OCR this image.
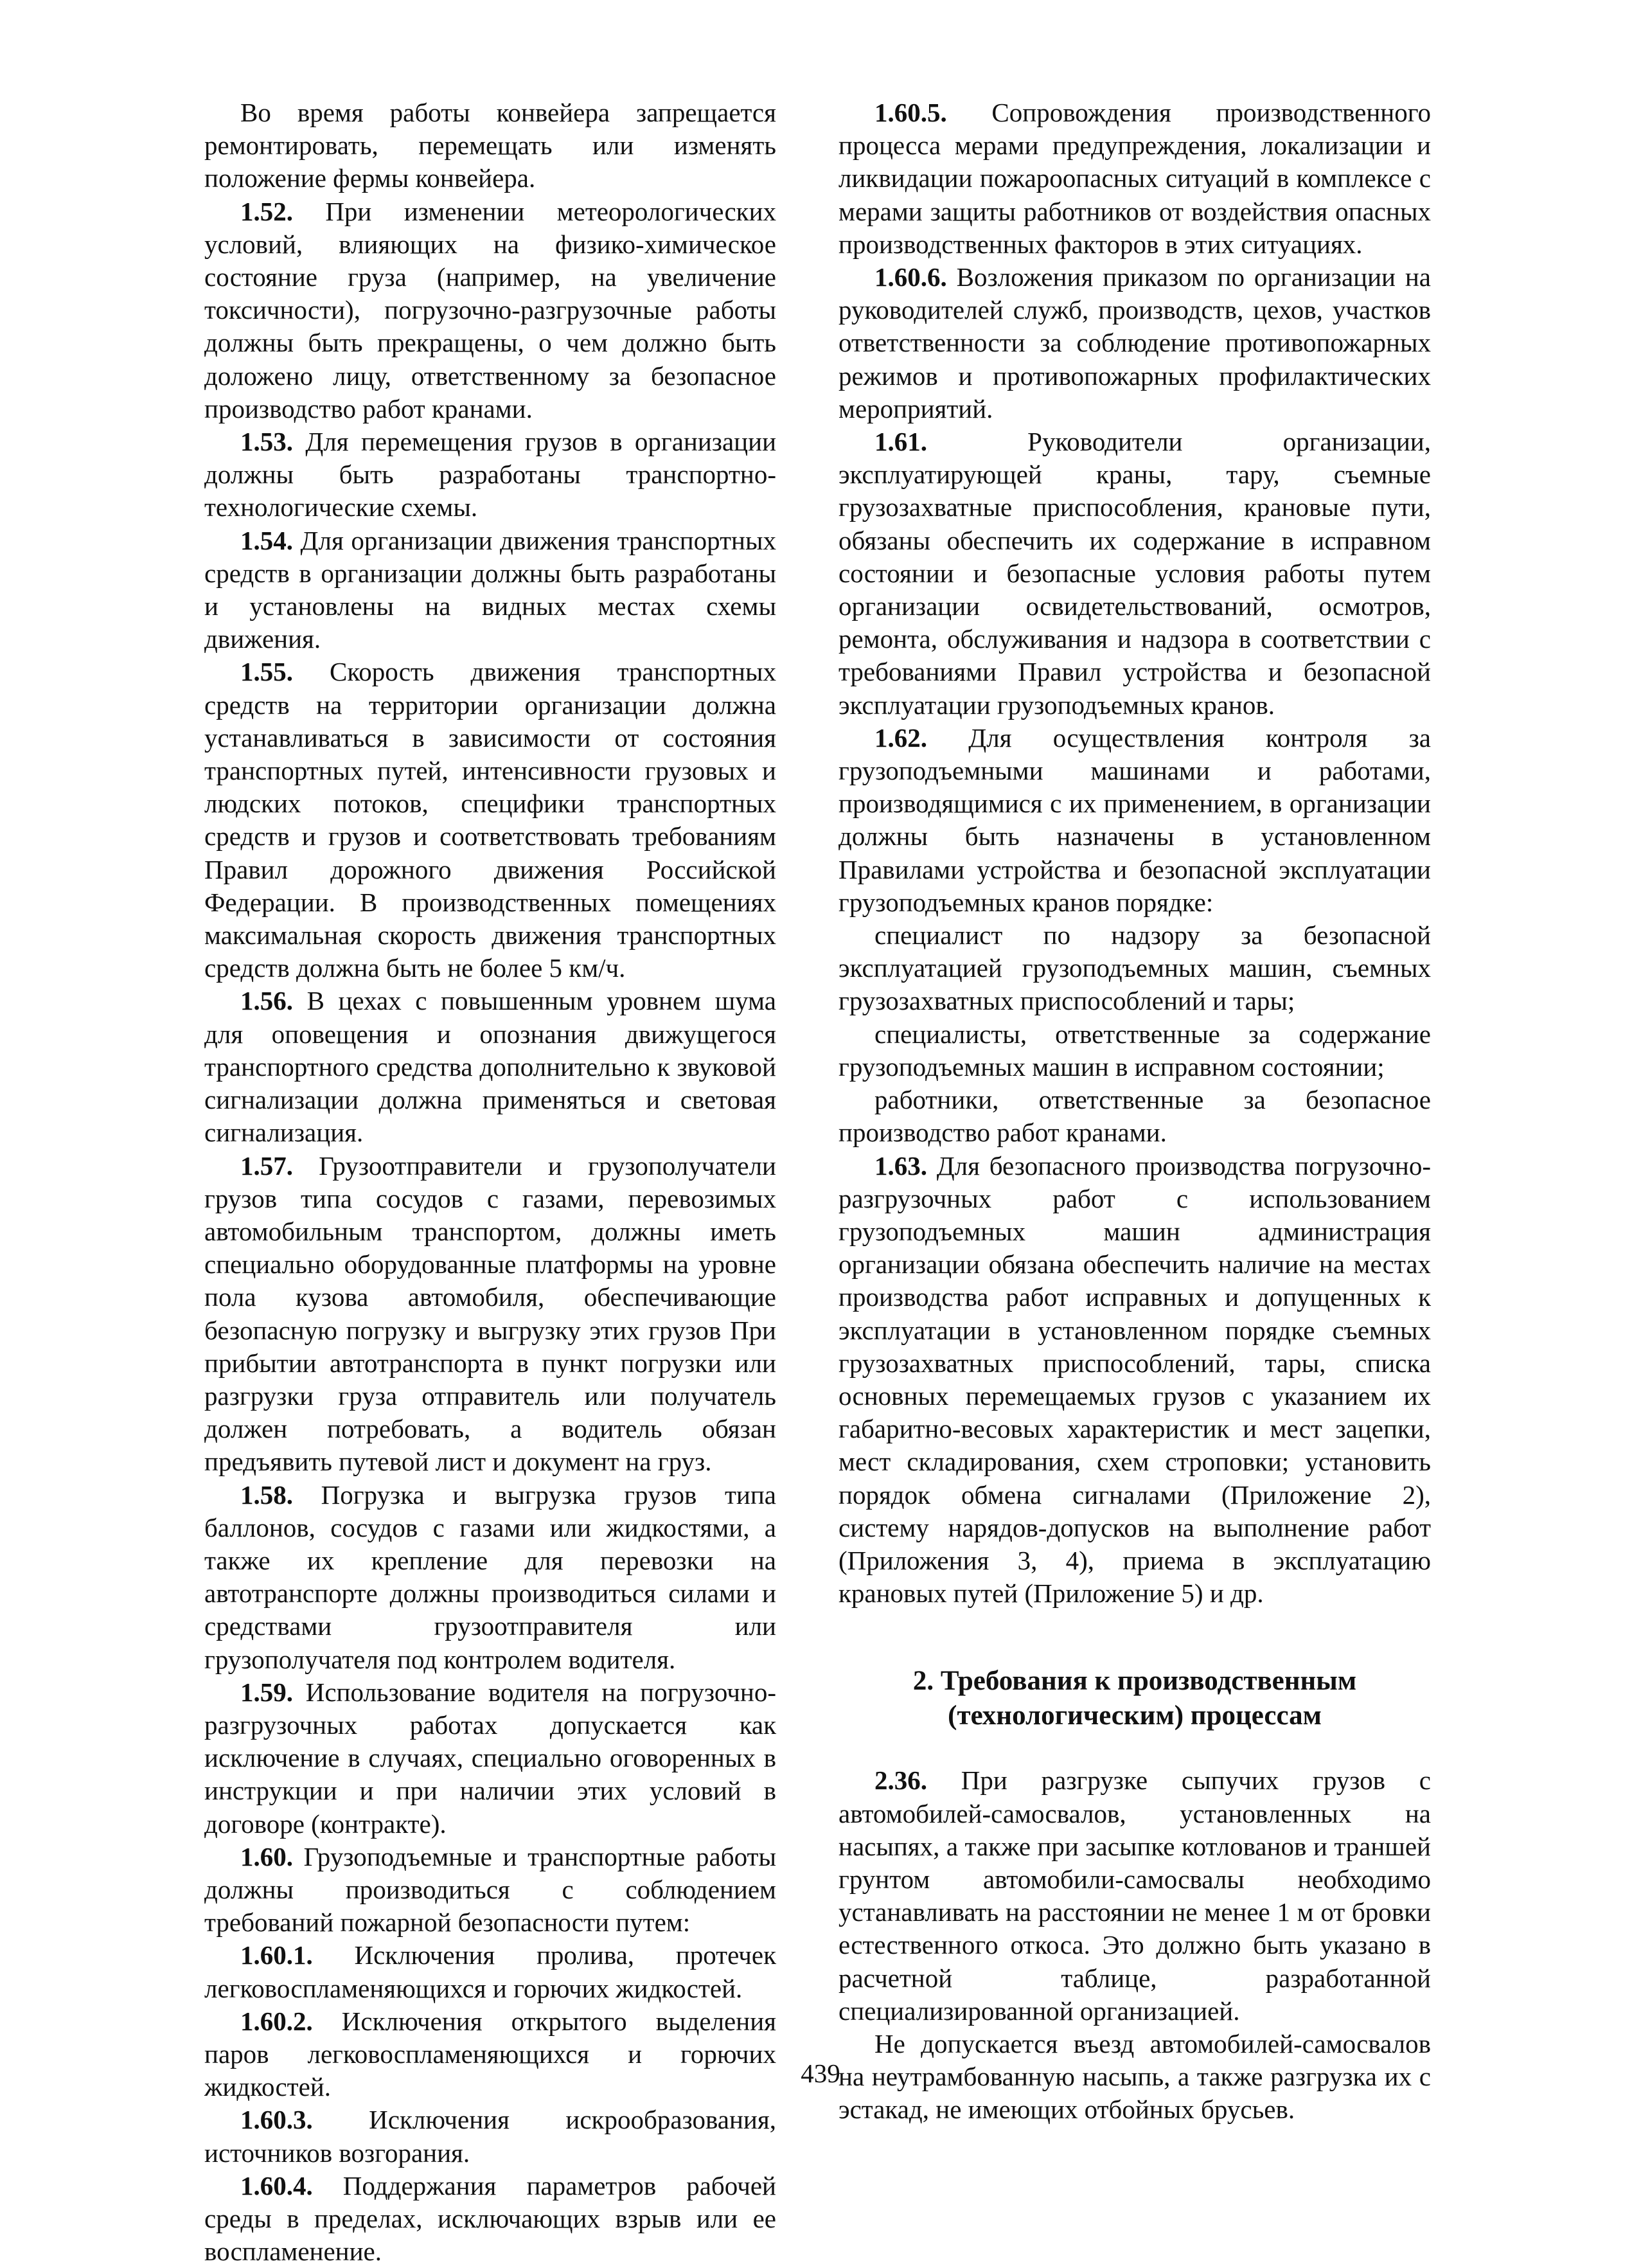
Во время работы конвейера запрещается ремонтировать, перемещать или изменять положение фермы конвейера.

1.52. При изменении метеорологических условий, влияющих на физико-химическое состояние груза (например, на увеличение токсичности), погрузочно-разгрузочные работы должны быть прекращены, о чем должно быть доложено лицу, ответственному за безопасное производство работ кранами.

1.53. Для перемещения грузов в организации должны быть разработаны транспортно-технологические схемы.

1.54. Для организации движения транспортных средств в организации должны быть разработаны и установлены на видных местах схемы движения.

1.55. Скорость движения транспортных средств на территории организации должна устанавливаться в зависимости от состояния транспортных путей, интенсивности грузовых и людских потоков, специфики транспортных средств и грузов и соответствовать требованиям Правил дорожного движения Российской Федерации. В производственных помещениях максимальная скорость движения транспортных средств должна быть не более 5 км/ч.

1.56. В цехах с повышенным уровнем шума для оповещения и опознания движущегося транспортного средства дополнительно к звуковой сигнализации должна применяться и световая сигнализация.

1.57. Грузоотправители и грузополучатели грузов типа сосудов с газами, перевозимых автомобильным транспортом, должны иметь специально оборудованные платформы на уровне пола кузова автомобиля, обеспечивающие безопасную погрузку и выгрузку этих грузов При прибытии автотранспорта в пункт погрузки или разгрузки груза отправитель или получатель должен потребовать, а водитель обязан предъявить путевой лист и документ на груз.

1.58. Погрузка и выгрузка грузов типа баллонов, сосудов с газами или жидкостями, а также их крепление для перевозки на автотранспорте должны производиться силами и средствами грузоотправителя или грузополучателя под контролем водителя.

1.59. Использование водителя на погрузочно-разгрузочных работах допускается как исключение в случаях, специально оговоренных в инструкции и при наличии этих условий в договоре (контракте).

1.60. Грузоподъемные и транспортные работы должны производиться с соблюдением требований пожарной безопасности путем:

1.60.1. Исключения пролива, протечек легковоспламеняющихся и горючих жидкостей.

1.60.2. Исключения открытого выделения паров легковоспламеняющихся и горючих жидкостей.

1.60.3. Исключения искрообразования, источников возгорания.

1.60.4. Поддержания параметров рабочей среды в пределах, исключающих взрыв или ее воспламенение.

1.60.5. Сопровождения производственного процесса мерами предупреждения, локализации и ликвидации пожароопасных ситуаций в комплексе с мерами защиты работников от воздействия опасных производственных факторов в этих ситуациях.

1.60.6. Возложения приказом по организации на руководителей служб, производств, цехов, участков ответственности за соблюдение противопожарных режимов и противопожарных профилактических мероприятий.

1.61.	Руководители организации, эксплуатирующей краны, тару, съемные грузозахватные приспособления, крановые пути, обязаны обеспечить их содержание в исправном состоянии и безопасные условия работы путем организации освидетельствований, осмотров, ремонта, обслуживания и надзора в соответствии с требованиями Правил устройства и безопасной эксплуатации грузоподъемных кранов.

1.62. Для осуществления контроля за грузоподъемными машинами и работами, производящимися с их применением, в организации должны быть назначены в установленном Правилами устройства и безопасной эксплуатации грузоподъемных кранов порядке:

специалист по надзору за безопасной эксплуатацией грузоподъемных машин, съемных грузозахватных приспособлений и тары;

специалисты, ответственные за содержание грузоподъемных машин в исправном состоянии;

работники, ответственные за безопасное производство работ кранами.

1.63. Для безопасного производства погрузочно-разгрузочных работ с использованием грузоподъемных машин администрация организации обязана обеспечить наличие на местах производства работ исправных и допущенных к эксплуатации в установленном порядке съемных грузозахватных приспособлений, тары, списка основных перемещаемых грузов с указанием их габаритно-весовых характеристик и мест зацепки, мест складирования, схем строповки; установить порядок обмена сигналами (Приложение 2), систему нарядов-допусков на выполнение работ (Приложения 3, 4), приема в эксплуатацию крановых путей (Приложение 5) и др.

2. Требования к производственным
(технологическим) процессам

2.36. При разгрузке сыпучих грузов с автомобилей-самосвалов, установленных на насыпях, а также при засыпке котлованов и траншей грунтом автомобили-самосвалы необходимо устанавливать на расстоянии не менее 1 м от бровки естественного откоса. Это должно быть указано в расчетной таблице, разработанной специализированной организацией.

Не допускается въезд автомобилей-самосвалов на неутрамбованную насыпь, а также разгрузка их с эстакад, не имеющих отбойных брусьев.

439
